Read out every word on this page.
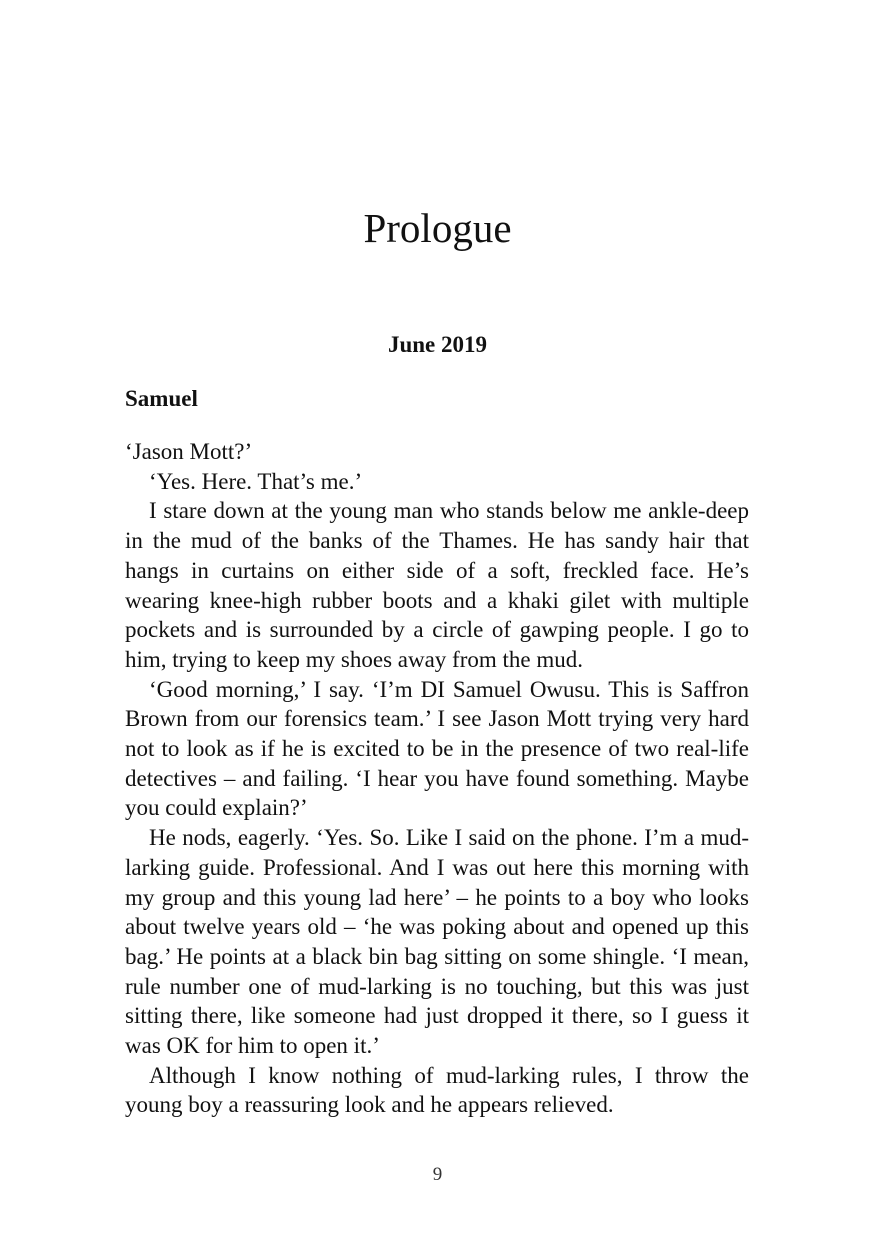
Prologue
June 2019
Samuel

‘Jason Mott?’

‘Yes. Here. That’s me.’

I stare down at the young man who stands below me ankle-deep in the mud of the banks of the Thames. He has sandy hair that hangs in curtains on either side of a soft, freckled face. He’s wearing knee-high rubber boots and a khaki gilet with multiple pockets and is surrounded by a circle of gawping people. I go to him, trying to keep my shoes away from the mud.

‘Good morning,’ I say. ‘I’m DI Samuel Owusu. This is Saffron Brown from our forensics team.’ I see Jason Mott trying very hard not to look as if he is excited to be in the presence of two real-life detectives – and failing. ‘I hear you have found something. Maybe you could explain?’

He nods, eagerly. ‘Yes. So. Like I said on the phone. I’m a mud-larking guide. Professional. And I was out here this morning with my group and this young lad here’ – he points to a boy who looks about twelve years old – ‘he was poking about and opened up this bag.’ He points at a black bin bag sitting on some shingle. ‘I mean, rule number one of mud-larking is no touching, but this was just sitting there, like someone had just dropped it there, so I guess it was OK for him to open it.’

Although I know nothing of mud-larking rules, I throw the young boy a reassuring look and he appears relieved.

9
